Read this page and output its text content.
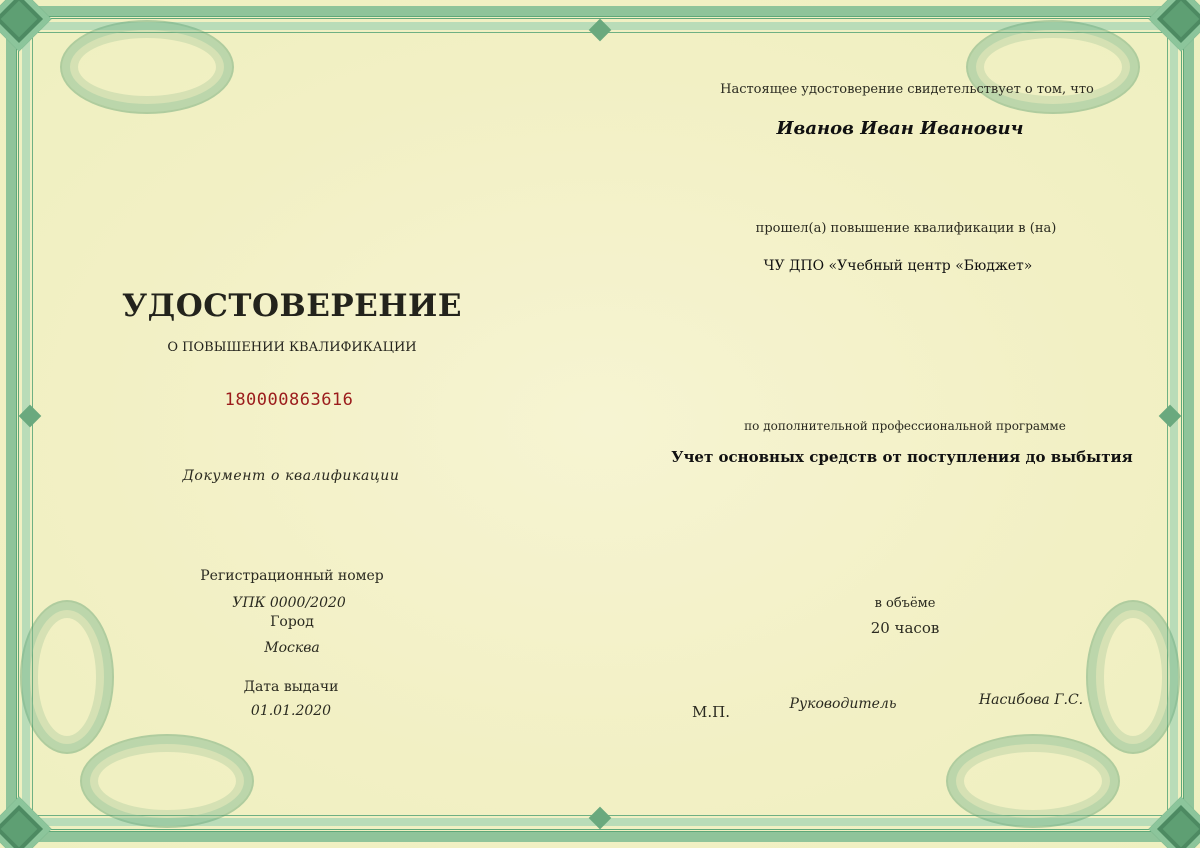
УДОСТОВЕРЕНИЕ
О ПОВЫШЕНИИ КВАЛИФИКАЦИИ
180000863616
Документ о квалификации
Регистрационный номер
УПК 0000/2020
Город
Москва
Дата выдачи
01.01.2020
Настоящее удостоверение свидетельствует о том, что
Иванов Иван Иванович
прошел(а) повышение квалификации в (на)
ЧУ ДПО «Учебный центр «Бюджет»
по дополнительной профессиональной программе
Учет основных средств от поступления до выбытия
в объёме
20 часов
М.П.	Руководитель	Насибова Г.С.
